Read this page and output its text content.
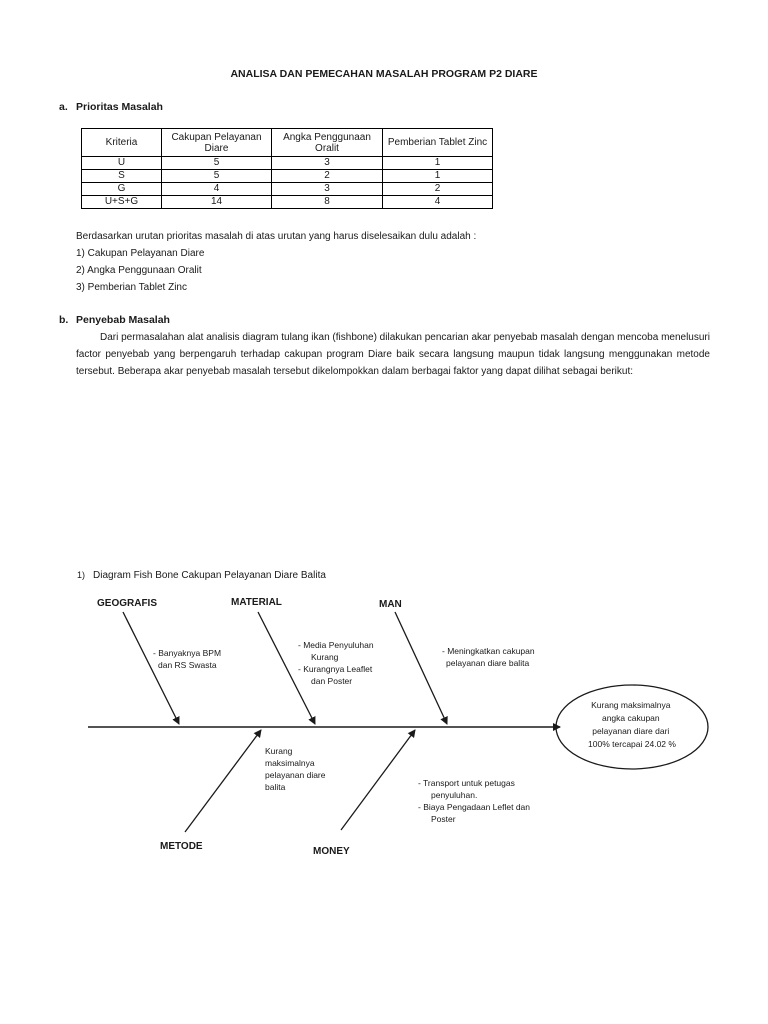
ANALISA DAN PEMECAHAN MASALAH PROGRAM P2 DIARE
a. Prioritas Masalah
Kriteria	Cakupan Pelayanan Diare	Angka Penggunaan Oralit	Pemberian Tablet Zinc
U	5	3	1
S	5	2	1
G	4	3	2
U+S+G	14	8	4
Berdasarkan urutan prioritas masalah di atas urutan yang harus diselesaikan dulu adalah :
1) Cakupan Pelayanan Diare
2) Angka Penggunaan Oralit
3) Pemberian Tablet Zinc
b. Penyebab Masalah
Dari permasalahan alat analisis diagram tulang ikan (fishbone) dilakukan pencarian akar penyebab masalah dengan mencoba menelusuri
factor penyebab yang berpengaruh terhadap cakupan program Diare baik secara langsung maupun tidak langsung menggunakan metode
tersebut. Beberapa akar penyebab masalah tersebut dikelompokkan dalam berbagai faktor yang dapat dilihat sebagai berikut:
1) Diagram Fish Bone Cakupan Pelayanan Diare Balita
Kurang maksimalnya angka cakupan pelayanan diare dari 100% tercapai 24.02 %
GEOGRAFIS	MATERIAL	MAN
METODE	MONEY
- Banyaknya BPM dan RS Swasta
- Media Penyuluhan Kurang - Kurangnya Leaflet dan Poster
- Meningkatkan cakupan pelayanan diare balita
Kurang maksimalnya pelayanan diare balita	- Transport untuk petugas penyuluhan. - Biaya Pengadaan Leflet dan Poster
